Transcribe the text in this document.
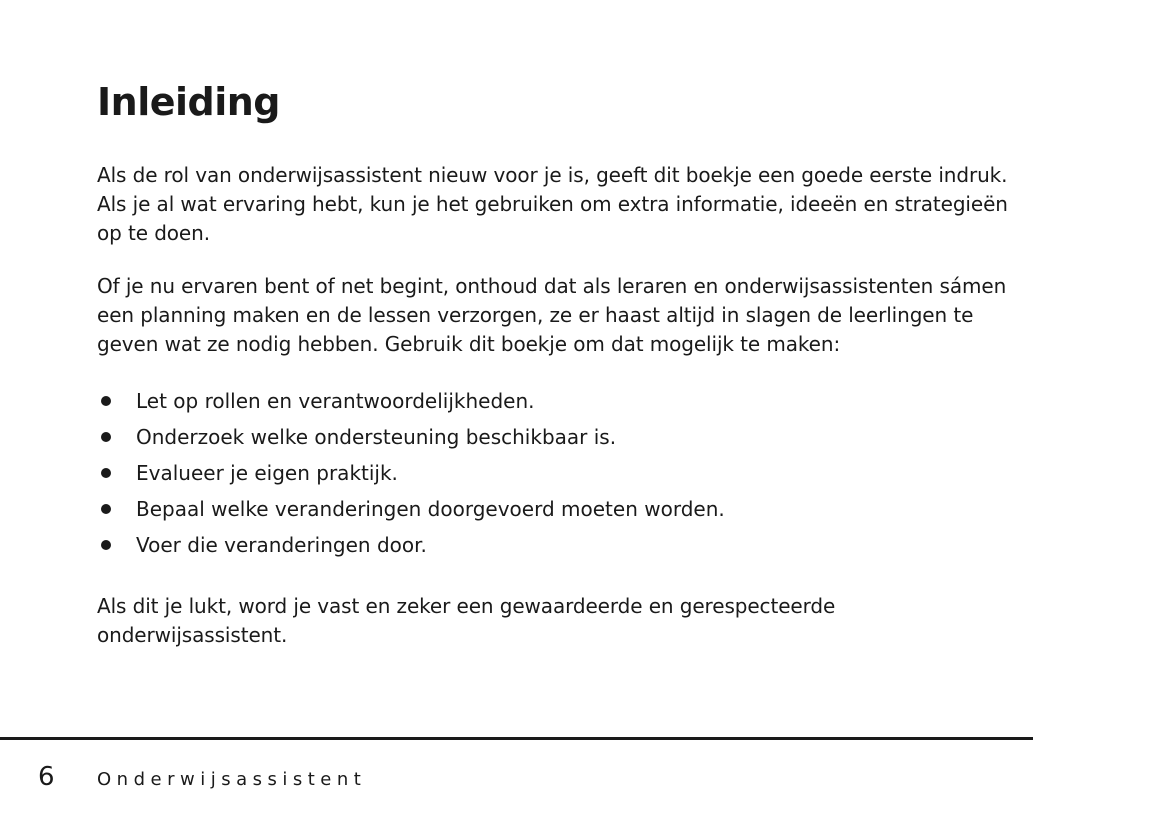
Inleiding

Als de rol van onderwijsassistent nieuw voor je is, geeft dit boekje een goede eerste indruk. Als je al wat ervaring hebt, kun je het gebruiken om extra informatie, ideeën en strategieën op te doen.

Of je nu ervaren bent of net begint, onthoud dat als leraren en onderwijsassistenten sámen een planning maken en de lessen verzorgen, ze er haast altijd in slagen de leerlingen te geven wat ze nodig hebben. Gebruik dit boekje om dat mogelijk te maken:

Let op rollen en verantwoordelijkheden.
Onderzoek welke ondersteuning beschikbaar is.
Evalueer je eigen praktijk.
Bepaal welke veranderingen doorgevoerd moeten worden.
Voer die veranderingen door.

Als dit je lukt, word je vast en zeker een gewaardeerde en gerespecteerde onderwijsassistent.

6 Onderwijsassistent
